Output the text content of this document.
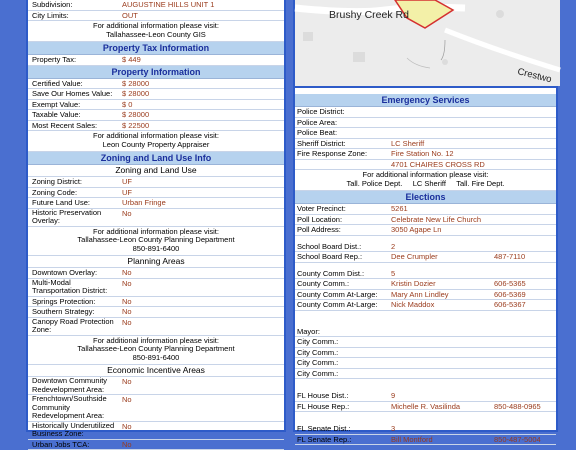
Subdivision:	AUGUSTINE HILLS UNIT 1
City Limits:	OUT
For additional information please visit:
Tallahassee-Leon County GIS
Property Tax Information
Property Tax:	$ 449
Property Information
Certified Value:	$ 28000
Save Our Homes Value:	$ 28000
Exempt Value:	$ 0
Taxable Value:	$ 28000
Most Recent Sales:	$ 22500
For additional information please visit:
Leon County Property Appraiser
Zoning and Land Use Info
Zoning and Land Use
Zoning District:	UF
Zoning Code:	UF
Future Land Use:	Urban Fringe
Historic Preservation Overlay:
No
For additional information please visit:
Tallahassee-Leon County Planning Department
850-891-6400
Planning Areas
Downtown Overlay:	No
Multi-Modal Transportation District:
No
Springs Protection:	No
Southern Strategy:	No
Canopy Road Protection Zone:
No
For additional information please visit:
Tallahassee-Leon County Planning Department
850-891-6400
Economic Incentive Areas
Downtown Community Redevelopment Area:
No
Frenchtown/Southside Community Redevelopment Area:
No
Historically Underutilized Business Zone:
No
Urban Jobs TCA:	No
Brushy Creek Rd
Crestwo
Emergency Services
Police District:
Police Area:
Police Beat:
Sheriff District:	LC Sheriff
Fire Response Zone:	Fire Station No. 12
4701 CHAIRES CROSS RD
For additional information please visit:
Tall. Police Dept.     LC Sheriff     Tall. Fire Dept.
Elections
Voter Precinct:	5261
Poll Location:	Celebrate New Life Church
Poll Address:	3050 Agape Ln
School Board Dist.:	2
School Board Rep.:	Dee Crumpler	487-7110
County Comm Dist.:	5
County Comm.:	Kristin Dozier	606-5365
County Comm At-Large:	Mary Ann Lindley	606-5369
County Comm At-Large:	Nick Maddox	606-5367
Mayor:
City Comm.:
City Comm.:
City Comm.:
City Comm.:
FL House Dist.:	9
FL House Rep.:	Michelle R. Vasilinda	850-488-0965
FL Senate Dist.:	3
FL Senate Rep.:	Bill Montford	850-487-5004
